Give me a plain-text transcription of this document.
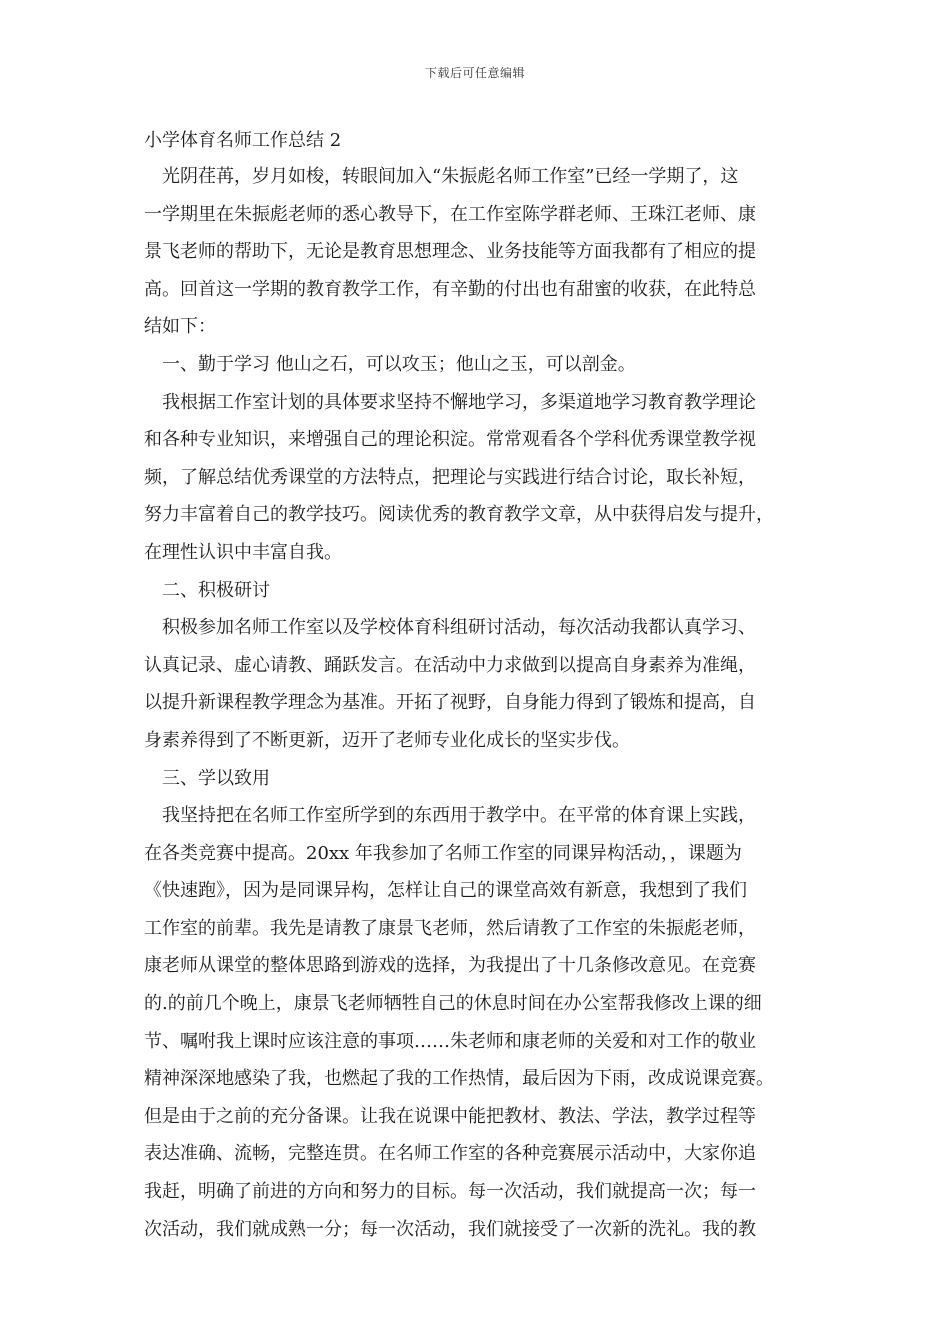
下载后可任意编辑
小学体育名师工作总结 2
光阴荏苒，岁月如梭，转眼间加入“朱振彪名师工作室”已经一学期了，这
一学期里在朱振彪老师的悉心教导下，在工作室陈学群老师、王珠江老师、康
景飞老师的帮助下，无论是教育思想理念、业务技能等方面我都有了相应的提
高。回首这一学期的教育教学工作，有辛勤的付出也有甜蜜的收获，在此特总
结如下：
一、勤于学习 他山之石，可以攻玉；他山之玉，可以剖金。
我根据工作室计划的具体要求坚持不懈地学习，多渠道地学习教育教学理论
和各种专业知识，来增强自己的理论积淀。常常观看各个学科优秀课堂教学视
频，了解总结优秀课堂的方法特点，把理论与实践进行结合讨论，取长补短，
努力丰富着自己的教学技巧。阅读优秀的教育教学文章，从中获得启发与提升，
在理性认识中丰富自我。
二、积极研讨
积极参加名师工作室以及学校体育科组研讨活动，每次活动我都认真学习、
认真记录、虚心请教、踊跃发言。在活动中力求做到以提高自身素养为准绳，
以提升新课程教学理念为基准。开拓了视野，自身能力得到了锻炼和提高，自
身素养得到了不断更新，迈开了老师专业化成长的坚实步伐。
三、学以致用
我坚持把在名师工作室所学到的东西用于教学中。在平常的体育课上实践，
在各类竞赛中提高。20xx 年我参加了名师工作室的同课异构活动，，课题为
《快速跑》，因为是同课异构，怎样让自己的课堂高效有新意，我想到了我们
工作室的前辈。我先是请教了康景飞老师，然后请教了工作室的朱振彪老师，
康老师从课堂的整体思路到游戏的选择，为我提出了十几条修改意见。在竞赛
的.的前几个晚上，康景飞老师牺牲自己的休息时间在办公室帮我修改上课的细
节、嘱咐我上课时应该注意的事项……朱老师和康老师的关爱和对工作的敬业
精神深深地感染了我，也燃起了我的工作热情，最后因为下雨，改成说课竞赛。
但是由于之前的充分备课。让我在说课中能把教材、教法、学法，教学过程等
表达准确、流畅，完整连贯。在名师工作室的各种竞赛展示活动中，大家你追
我赶，明确了前进的方向和努力的目标。每一次活动，我们就提高一次；每一
次活动，我们就成熟一分；每一次活动，我们就接受了一次新的洗礼。我的教
